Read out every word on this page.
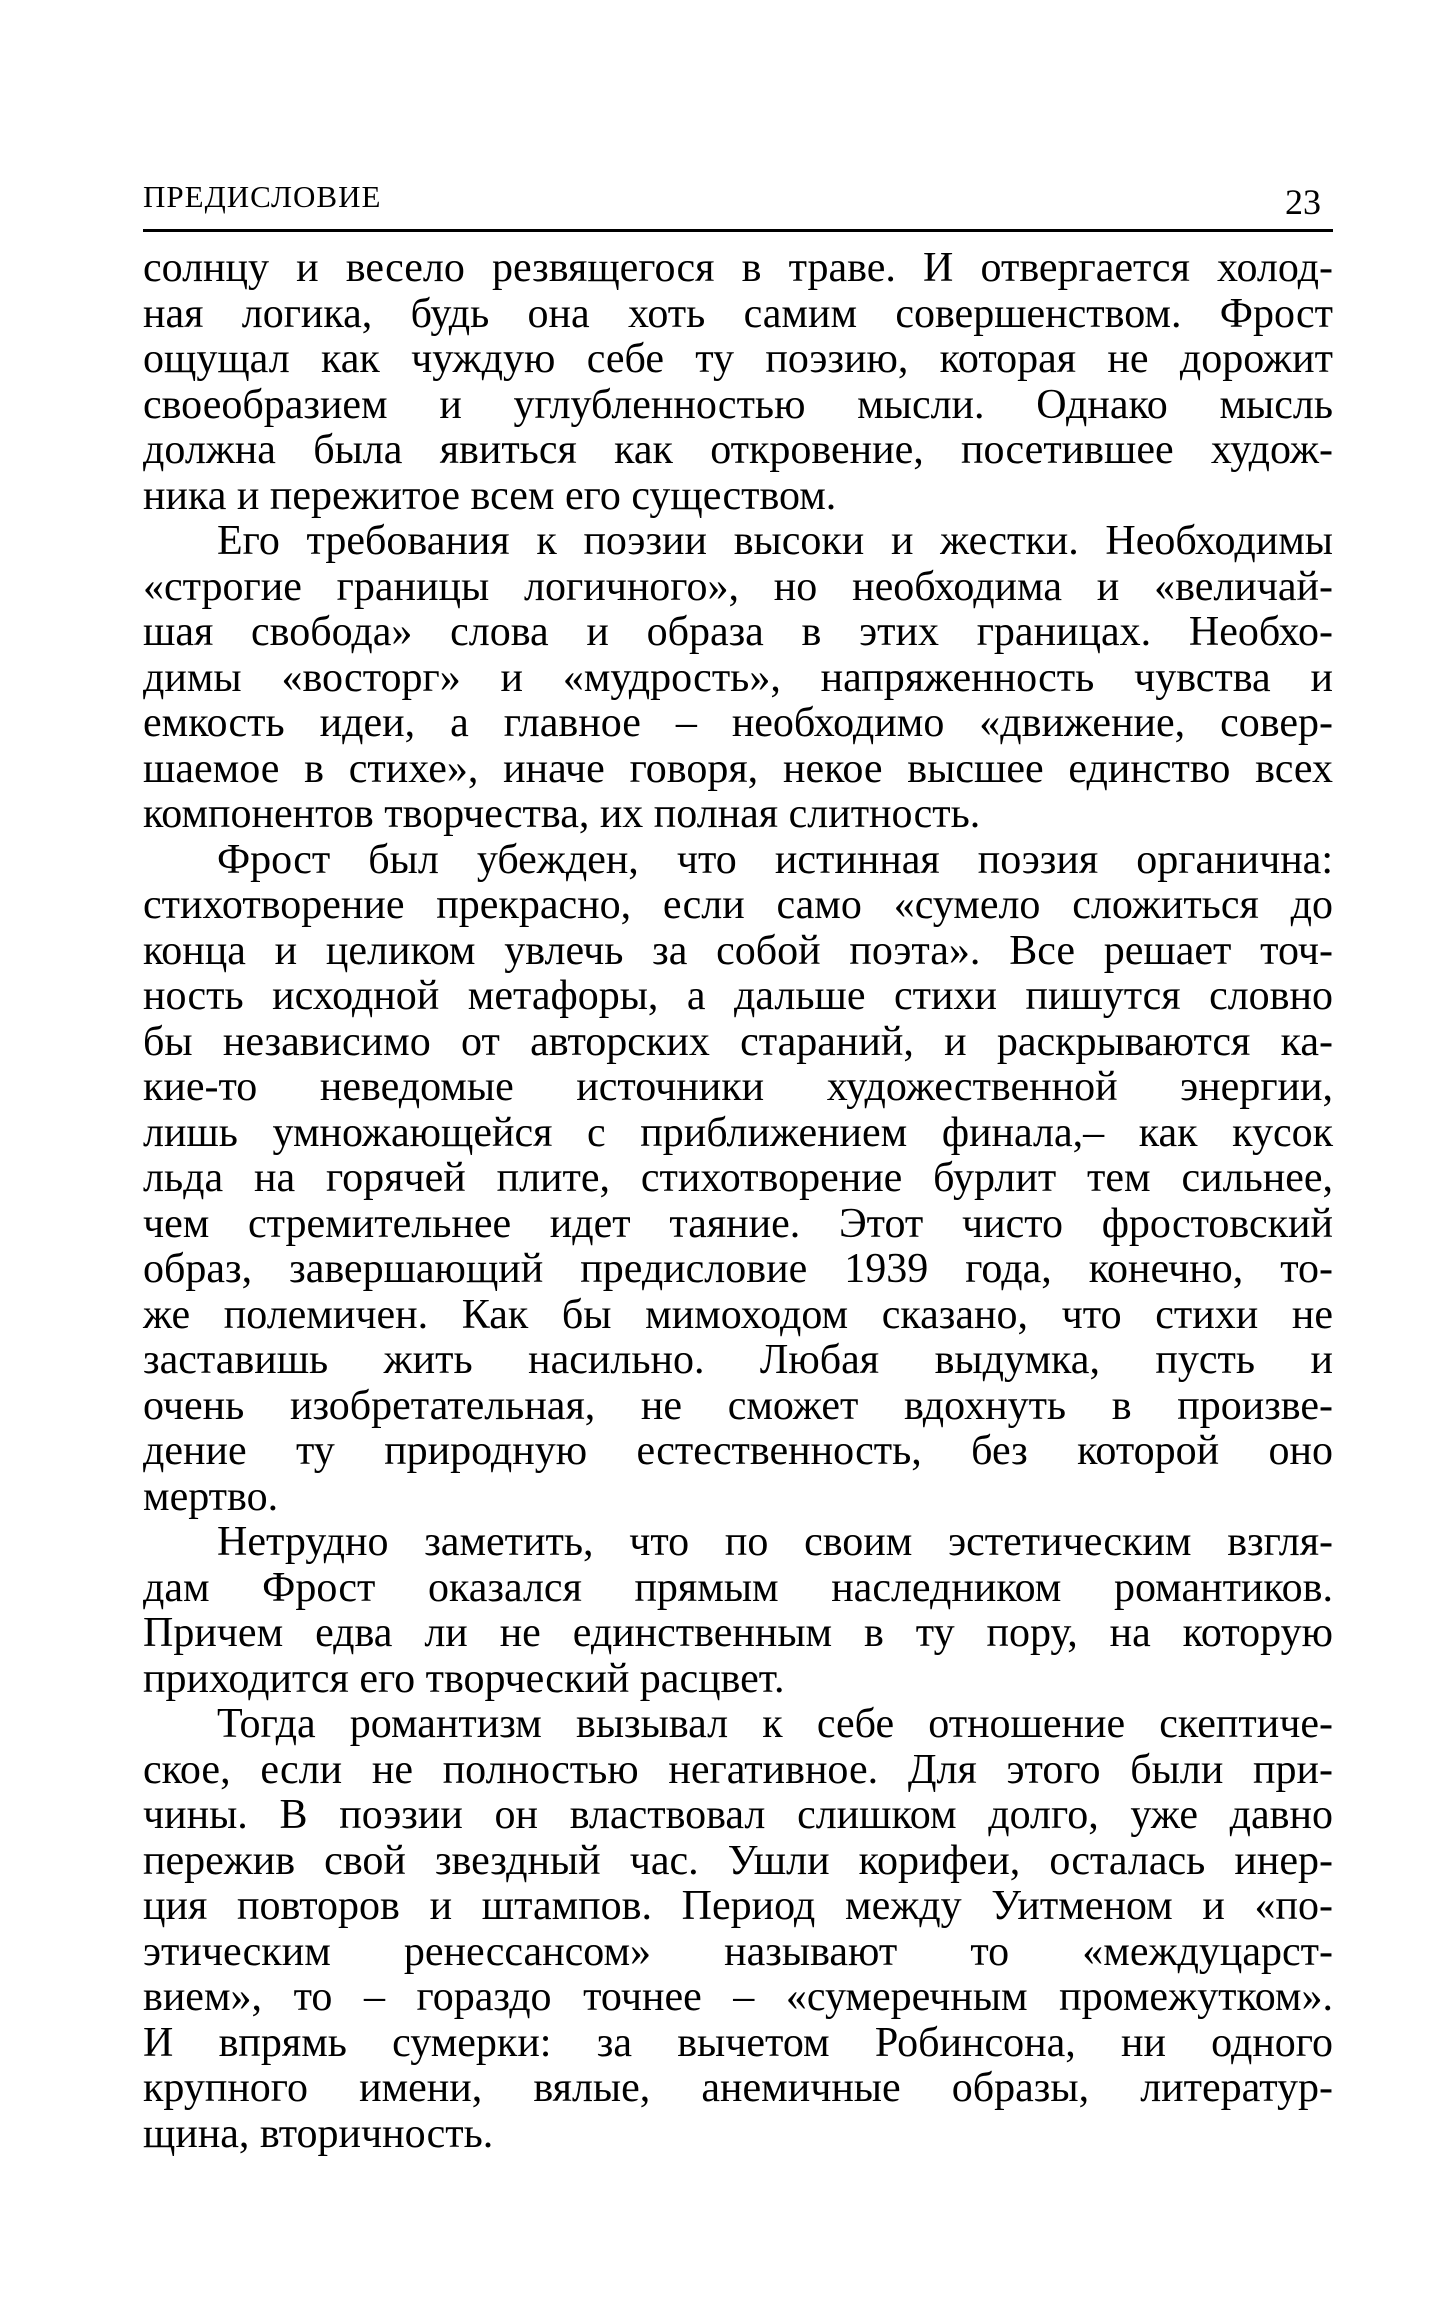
ПРЕДИСЛОВИЕ	23
солнцу и весело резвящегося в траве. И отвергается холод-
ная логика, будь она хоть самим совершенством. Фрост
ощущал как чуждую себе ту поэзию, которая не дорожит
своеобразием и углубленностью мысли. Однако мысль
должна была явиться как откровение, посетившее худож-
ника и пережитое всем его существом.
Его требования к поэзии высоки и жестки. Необходимы
«строгие границы логичного», но необходима и «величай-
шая свобода» слова и образа в этих границах. Необхо-
димы «восторг» и «мудрость», напряженность чувства и
емкость идеи, а главное – необходимо «движение, совер-
шаемое в стихе», иначе говоря, некое высшее единство всех
компонентов творчества, их полная слитность.
Фрост был убежден, что истинная поэзия органична:
стихотворение прекрасно, если само «сумело сложиться до
конца и целиком увлечь за собой поэта». Все решает точ-
ность исходной метафоры, а дальше стихи пишутся словно
бы независимо от авторских стараний, и раскрываются ка-
кие-то неведомые источники художественной энергии,
лишь умножающейся с приближением финала,– как кусок
льда на горячей плите, стихотворение бурлит тем сильнее,
чем стремительнее идет таяние. Этот чисто фростовский
образ, завершающий предисловие 1939 года, конечно, то-
же полемичен. Как бы мимоходом сказано, что стихи не
заставишь жить насильно. Любая выдумка, пусть и
очень изобретательная, не сможет вдохнуть в произве-
дение ту природную естественность, без которой оно
мертво.
Нетрудно заметить, что по своим эстетическим взгля-
дам Фрост оказался прямым наследником романтиков.
Причем едва ли не единственным в ту пору, на которую
приходится его творческий расцвет.
Тогда романтизм вызывал к себе отношение скептиче-
ское, если не полностью негативное. Для этого были при-
чины. В поэзии он властвовал слишком долго, уже давно
пережив свой звездный час. Ушли корифеи, осталась инер-
ция повторов и штампов. Период между Уитменом и «по-
этическим ренессансом» называют то «междуцарст-
вием», то – гораздо точнее – «сумеречным промежутком».
И впрямь сумерки: за вычетом Робинсона, ни одного
крупного имени, вялые, анемичные образы, литератур-
щина, вторичность.
